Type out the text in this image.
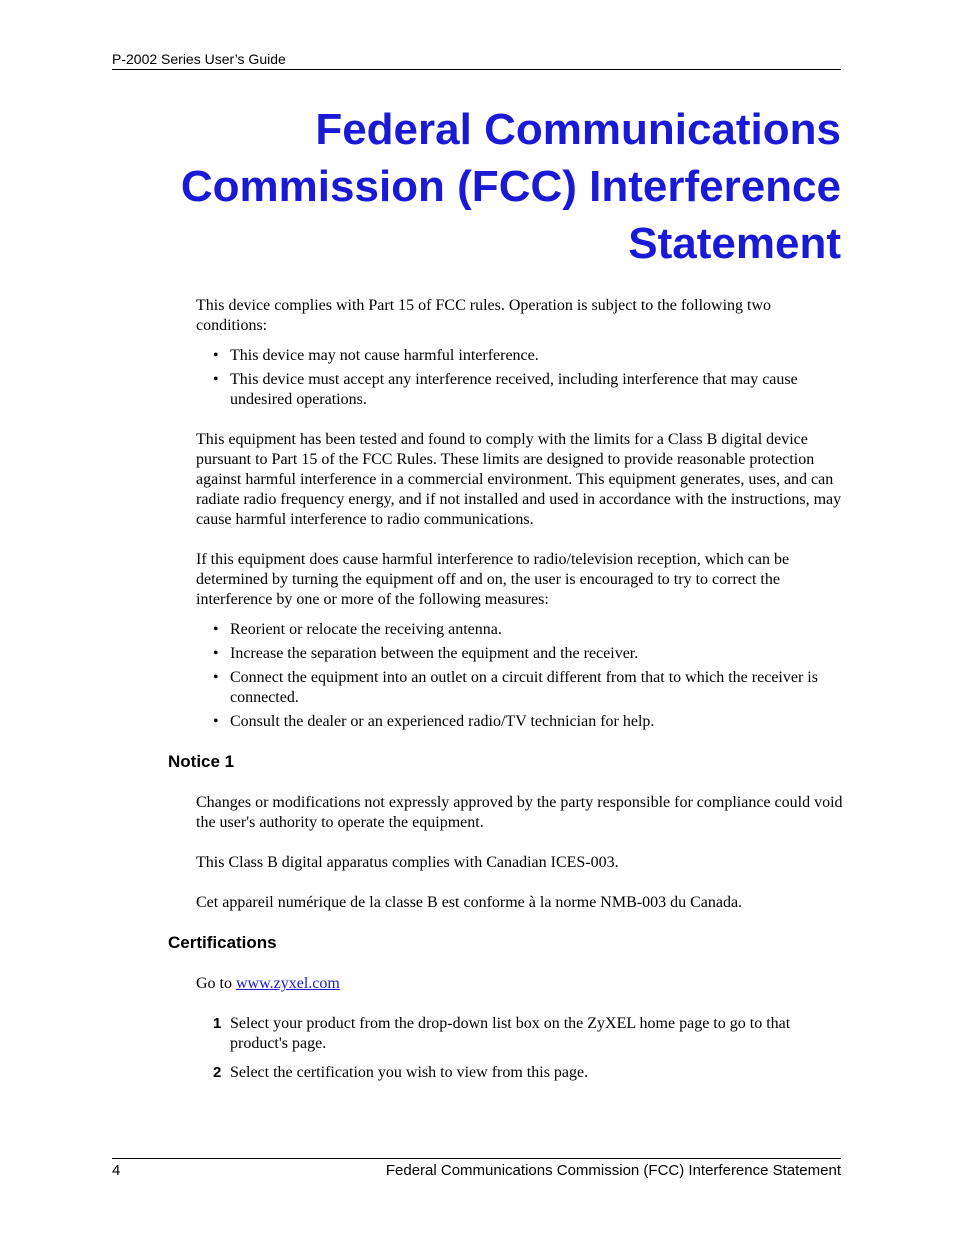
P-2002 Series User’s Guide
Federal Communications
Commission (FCC) Interference
Statement

This device complies with Part 15 of FCC rules. Operation is subject to the following two conditions:

• This device may not cause harmful interference.
• This device must accept any interference received, including interference that may cause undesired operations.

This equipment has been tested and found to comply with the limits for a Class B digital device pursuant to Part 15 of the FCC Rules. These limits are designed to provide reasonable protection against harmful interference in a commercial environment. This equipment generates, uses, and can radiate radio frequency energy, and if not installed and used in accordance with the instructions, may cause harmful interference to radio communications.

If this equipment does cause harmful interference to radio/television reception, which can be determined by turning the equipment off and on, the user is encouraged to try to correct the interference by one or more of the following measures:

• Reorient or relocate the receiving antenna.
• Increase the separation between the equipment and the receiver.
• Connect the equipment into an outlet on a circuit different from that to which the receiver is connected.
• Consult the dealer or an experienced radio/TV technician for help.
Notice 1

Changes or modifications not expressly approved by the party responsible for compliance could void the user's authority to operate the equipment.

This Class B digital apparatus complies with Canadian ICES-003.

Cet appareil numérique de la classe B est conforme à la norme NMB-003 du Canada.

Certifications

Go to www.zyxel.com

1 Select your product from the drop-down list box on the ZyXEL home page to go to that product's page.
2 Select the certification you wish to view from this page.
4	Federal Communications Commission (FCC) Interference Statement
